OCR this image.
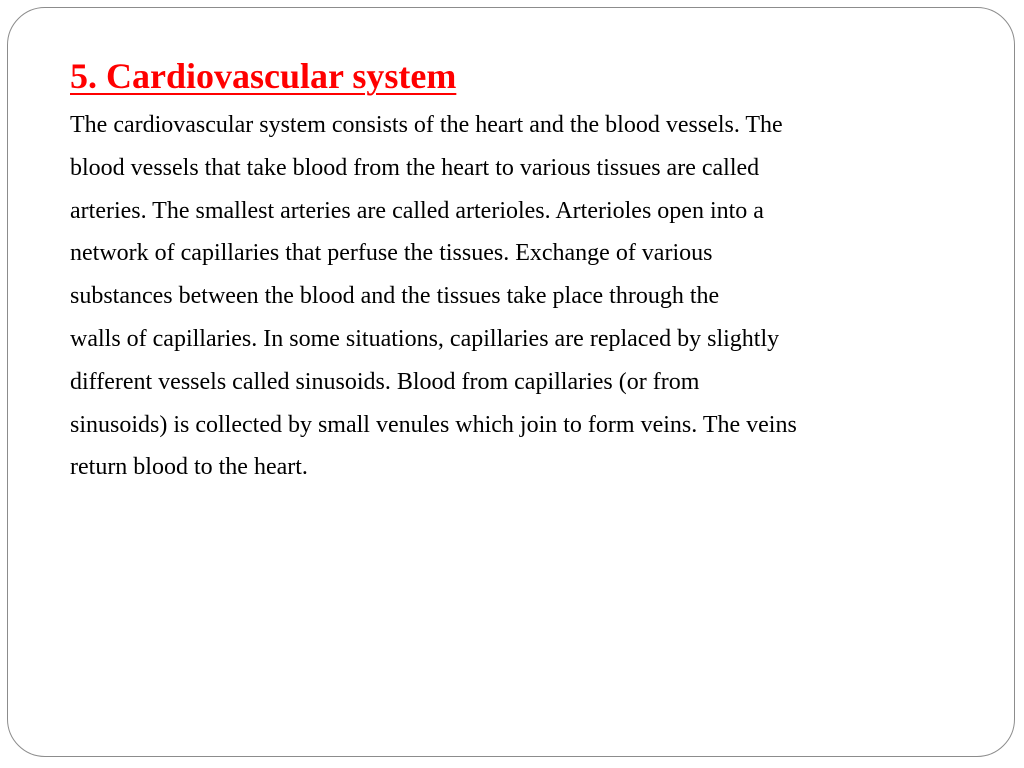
5. Cardiovascular system
The cardiovascular system consists of the heart and the blood vessels. The
blood vessels that take blood from the heart to various tissues are called
arteries. The smallest arteries are called arterioles. Arterioles open into a
network of capillaries that perfuse the tissues. Exchange of various
substances between the blood and the tissues take place through the
walls of capillaries. In some situations, capillaries are replaced by slightly
different vessels called sinusoids. Blood from capillaries (or from
sinusoids) is collected by small venules which join to form veins. The veins
return blood to the heart.
